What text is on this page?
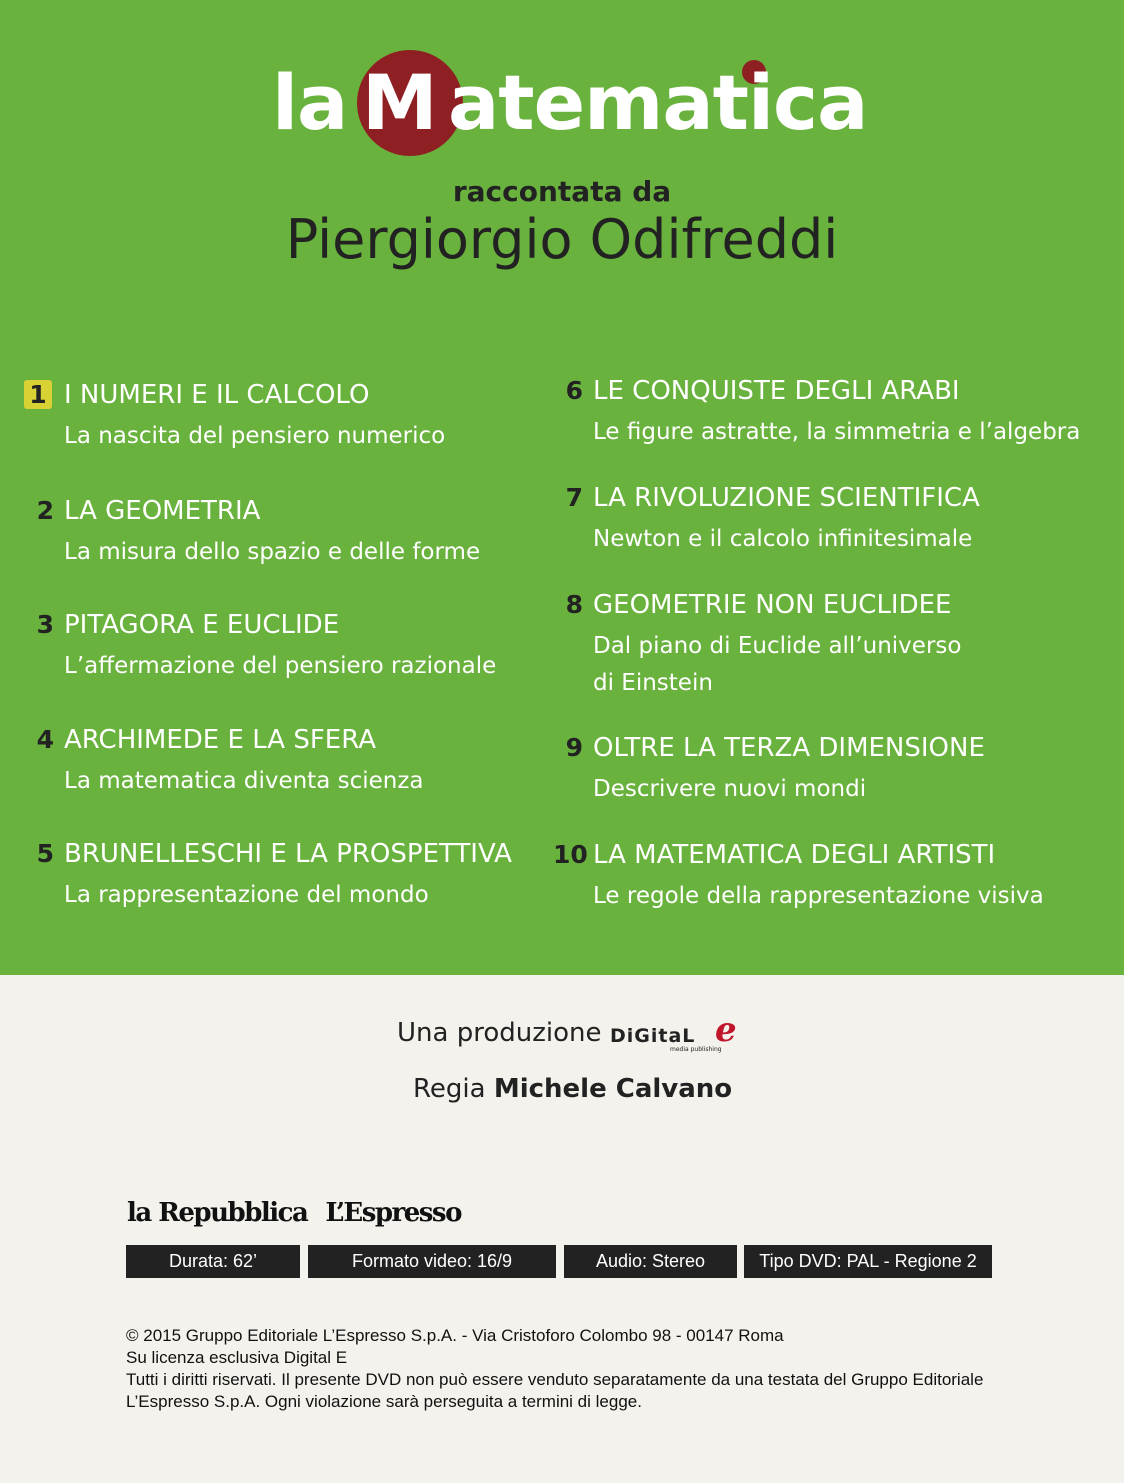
la M atematica
raccontata da
Piergiorgio Odifreddi
1 I NUMERI E IL CALCOLO
La nascita del pensiero numerico
2 LA GEOMETRIA
La misura dello spazio e delle forme
3 PITAGORA E EUCLIDE
L’affermazione del pensiero razionale
4 ARCHIMEDE E LA SFERA
La matematica diventa scienza
5 BRUNELLESCHI E LA PROSPETTIVA
La rappresentazione del mondo
6 LE CONQUISTE DEGLI ARABI
Le figure astratte, la simmetria e l’algebra
7 LA RIVOLUZIONE SCIENTIFICA
Newton e il calcolo infinitesimale
8 GEOMETRIE NON EUCLIDEE
Dal piano di Euclide all’universo
di Einstein
9 OLTRE LA TERZA DIMENSIONE
Descrivere nuovi mondi
10 LA MATEMATICA DEGLI ARTISTI
Le regole della rappresentazione visiva
Una produzione DiGitaL e
media publishing
Regia Michele Calvano
la Repubblica L’Espresso
Durata: 62’	Formato video: 16/9	Audio: Stereo	Tipo DVD: PAL - Regione 2
© 2015 Gruppo Editoriale L’Espresso S.p.A. - Via Cristoforo Colombo 98 - 00147 Roma
Su licenza esclusiva Digital E
Tutti i diritti riservati. Il presente DVD non può essere venduto separatamente da una testata del Gruppo Editoriale
L’Espresso S.p.A. Ogni violazione sarà perseguita a termini di legge.
